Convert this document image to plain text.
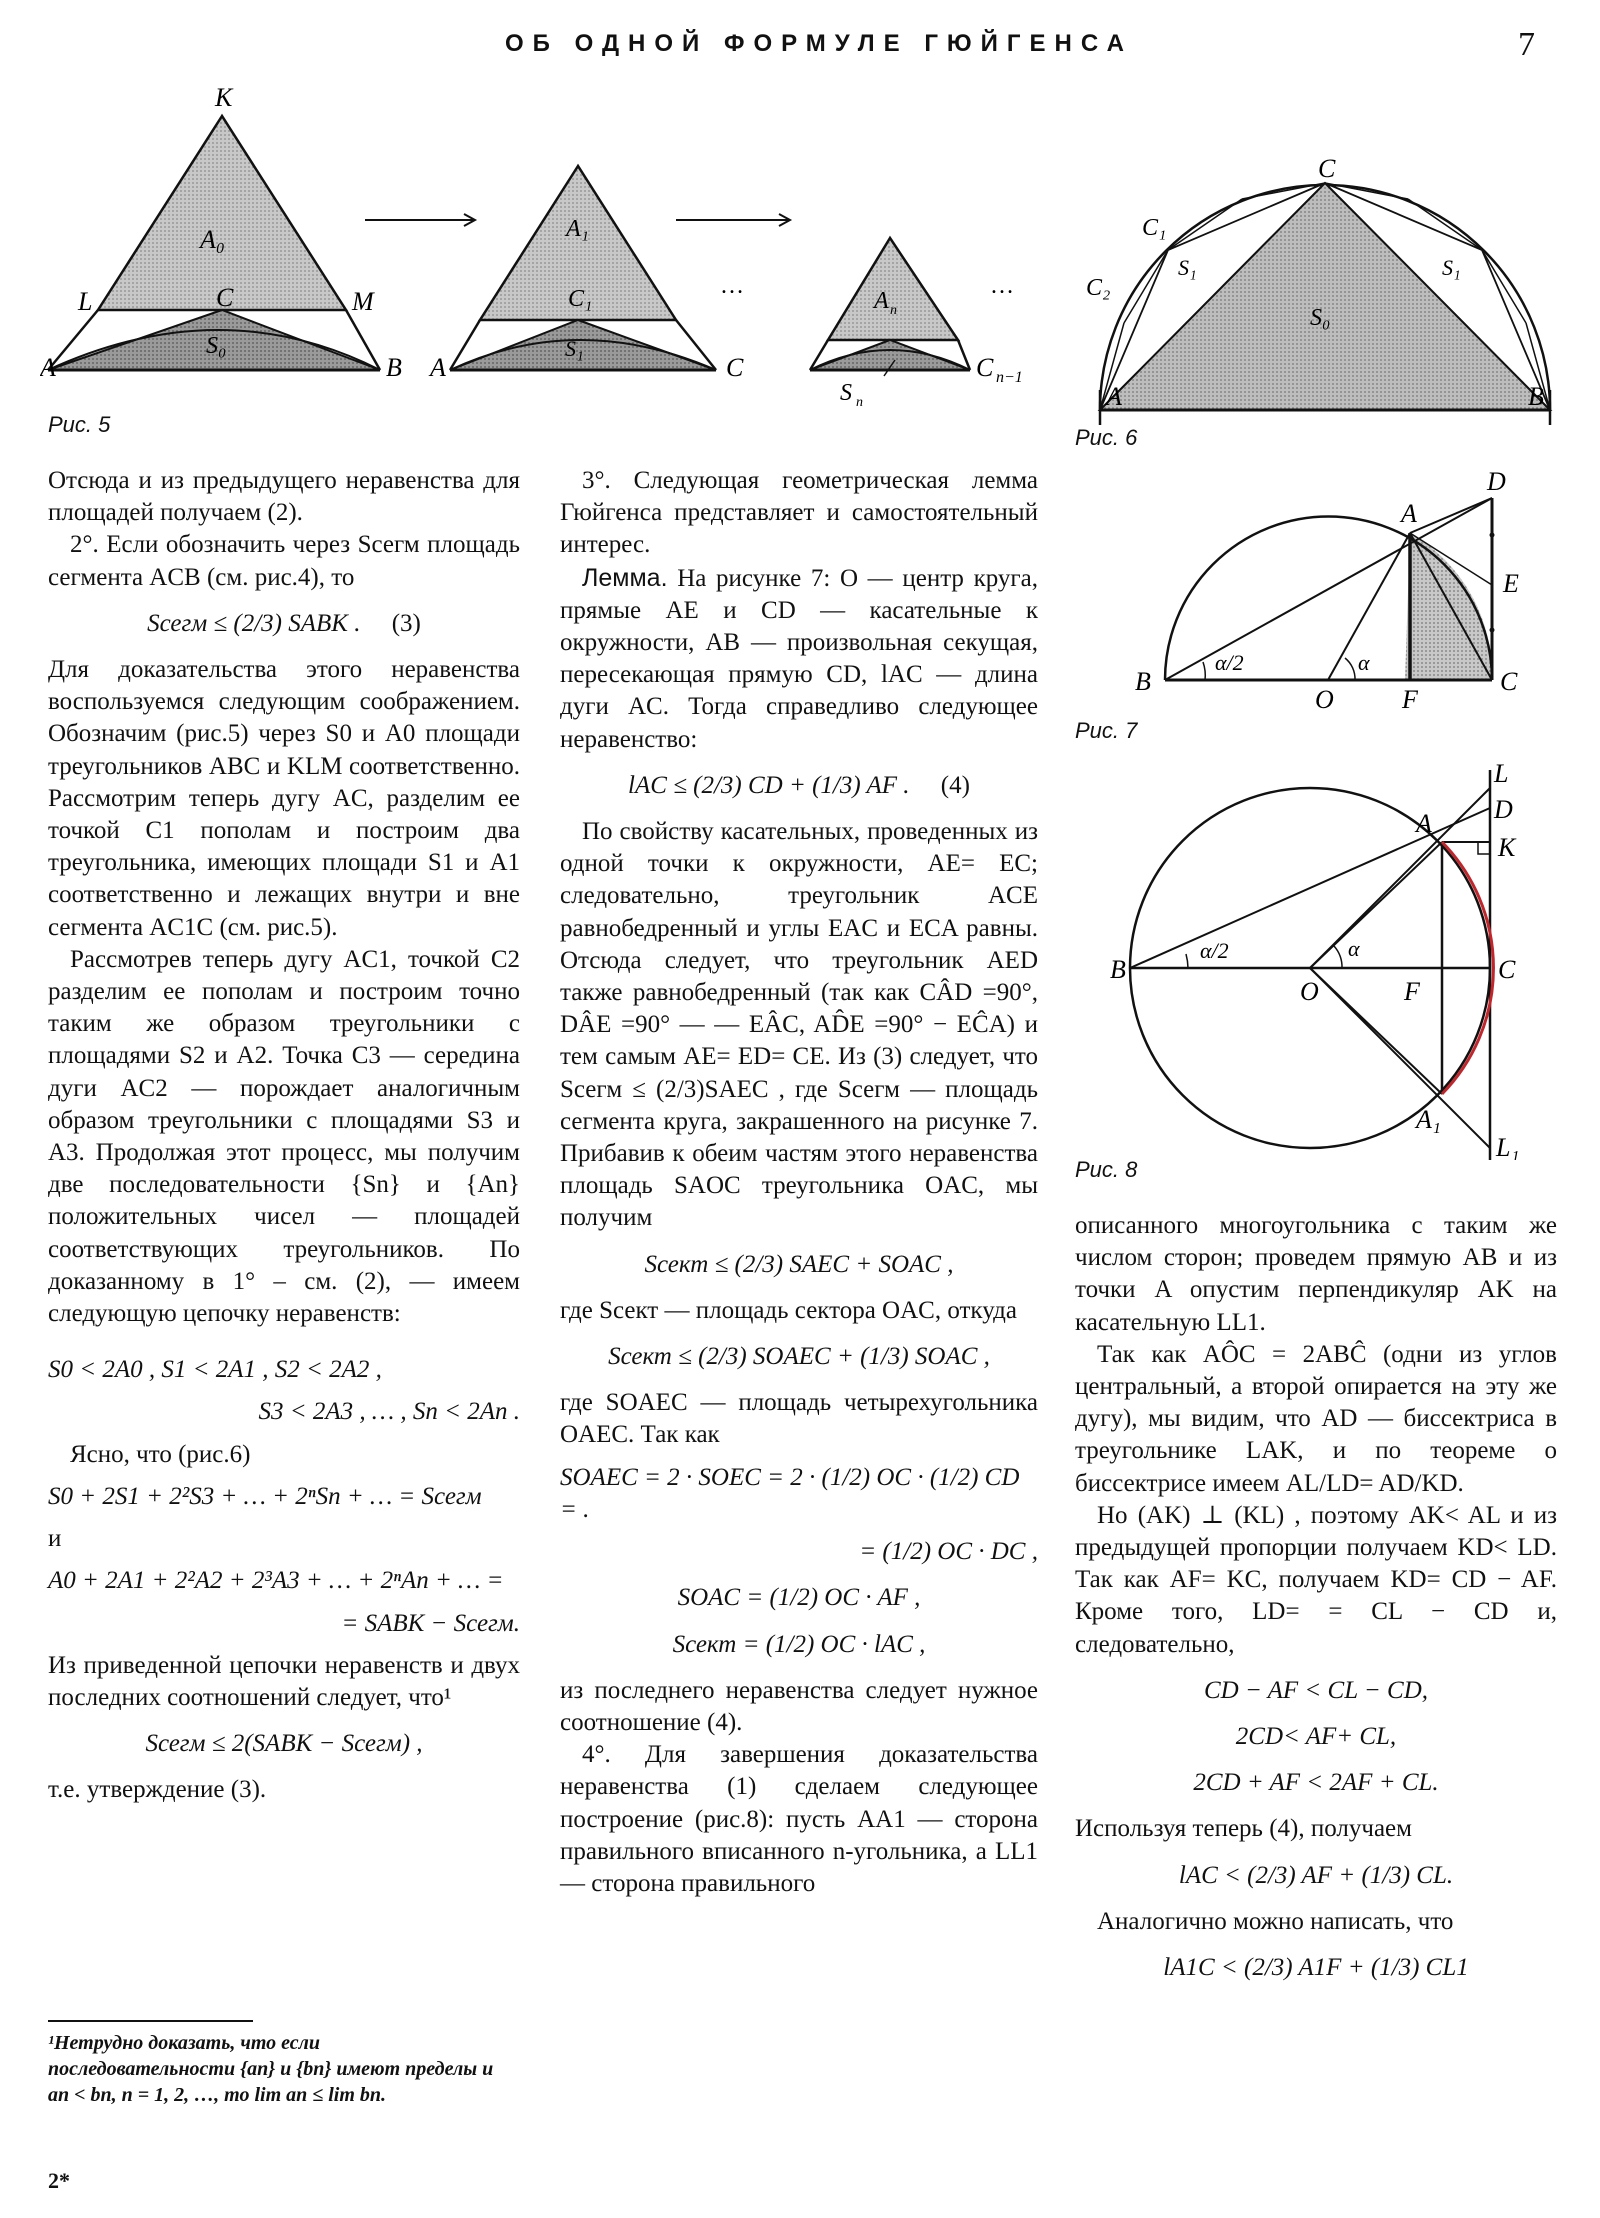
ОБ ОДНОЙ ФОРМУЛЕ ГЮЙГЕНСА	7
K
A₀
L	C	M
S₀
A	B
A₁
C₁
S₁
A	C
…
A n
S n
C n−1
…
Рис. 5
C
C₁
C₂
S₁	S₁
S₀
A	B
Рис. 6
D
A
E
B	C
O	F
α/2	α
Рис. 7
L
D
K
A
B	C
O	F
A₁
L₁
α/2	α
Рис. 8

Отсюда и из предыдущего неравенства для площадей получаем (2).

2°. Если обозначить через Sсегм площадь сегмента ACB (см. рис.4), то

Sсегм ≤ (2/3) SABK . (3)

Для доказательства этого неравенства воспользуемся следующим соображением. Обозначим (рис.5) через S0 и A0 площади треугольников ABC и KLM соответственно. Рассмотрим теперь дугу AC, разделим ее точкой C1 пополам и построим два треугольника, имеющих площади S1 и A1 соответственно и лежащих внутри и вне сегмента AC1C (см. рис.5).

Рассмотрев теперь дугу AC1, точкой C2 разделим ее пополам и построим точно таким же образом треугольники с площадями S2 и A2. Точка C3 — середина дуги AC2 — порождает аналогичным образом треугольники с площадями S3 и A3. Продолжая этот процесс, мы получим две последовательности {Sn} и {An} положительных чисел — площадей соответствующих треугольников. По доказанному в 1° – см. (2), — имеем следующую цепочку неравенств:

S0 < 2A0 , S1 < 2A1 , S2 < 2A2 ,
S3 < 2A3 , … , Sn < 2An .

Ясно, что (рис.6)

S0 + 2S1 + 2²S3 + … + 2ⁿSn + … = Sсегм

и

A0 + 2A1 + 2²A2 + 2³A3 + … + 2ⁿAn + … =
= SABK − Sсегм.

Из приведенной цепочки неравенств и двух последних соотношений следует, что¹

Sсегм ≤ 2(SABK − Sсегм) ,

т.е. утверждение (3).

3°. Следующая геометрическая лемма Гюйгенса представляет и самостоятельный интерес.

Лемма. На рисунке 7: O — центр круга, прямые AE и CD — касательные к окружности, AB — произвольная секущая, пересекающая прямую CD, lAC — длина дуги AC. Тогда справедливо следующее неравенство:

lAC ≤ (2/3) CD + (1/3) AF . (4)

По свойству касательных, проведенных из одной точки к окружности, AE= EC; следовательно, треугольник ACE равнобедренный и углы EAC и ECA равны. Отсюда следует, что треугольник AED также равнобедренный (так как CÂD =90°, DÂE =90° — — EÂC, AD̂E =90° − EĈA) и тем самым AE= ED= CE. Из (3) следует, что Sсегм ≤ (2/3)SAEC , где Sсегм — площадь сегмента круга, закрашенного на рисунке 7. Прибавив к обеим частям этого неравенства площадь SAOC треугольника OAC, мы получим

Sсект ≤ (2/3) SAEC + SOAC ,

где Sсект — площадь сектора OAC, откуда

Sсект ≤ (2/3) SOAEC + (1/3) SOAC ,

где SOAEC — площадь четырехугольника OAEC. Так как

SOAEC = 2 · SOEC = 2 · (1/2) OC · (1/2) CD = .
= (1/2) OC · DC ,
SOAC = (1/2) OC · AF ,
Sсект = (1/2) OC · lAC ,

из последнего неравенства следует нужное соотношение (4).

4°. Для завершения доказательства неравенства (1) сделаем следующее построение (рис.8): пусть AA1 — сторона правильного вписанного n-угольника, а LL1 — сторона правильного

описанного многоугольника с таким же числом сторон; проведем прямую AB и из точки A опустим перпендикуляр AK на касательную LL1.

Так как AÔC = 2ABĈ (одни из углов центральный, а второй опирается на эту же дугу), мы видим, что AD — биссектриса в треугольнике LAK, и по теореме о биссектрисе имеем AL/LD= AD/KD.

Но (AK) ⊥ (KL) , поэтому AK< AL и из предыдущей пропорции получаем KD< LD. Так как AF= KC, получаем KD= CD − AF. Кроме того, LD= = CL − CD и, следовательно,

CD − AF < CL − CD,
2CD< AF+ CL,
2CD + AF < 2AF + CL.

Используя теперь (4), получаем

lAC < (2/3) AF + (1/3) CL.

Аналогично можно написать, что

lA1C < (2/3) A1F + (1/3) CL1
¹Нетрудно доказать, что если последовательности {an} и {bn} имеют пределы и an < bn, n = 1, 2, …, то lim an ≤ lim bn.
2*
